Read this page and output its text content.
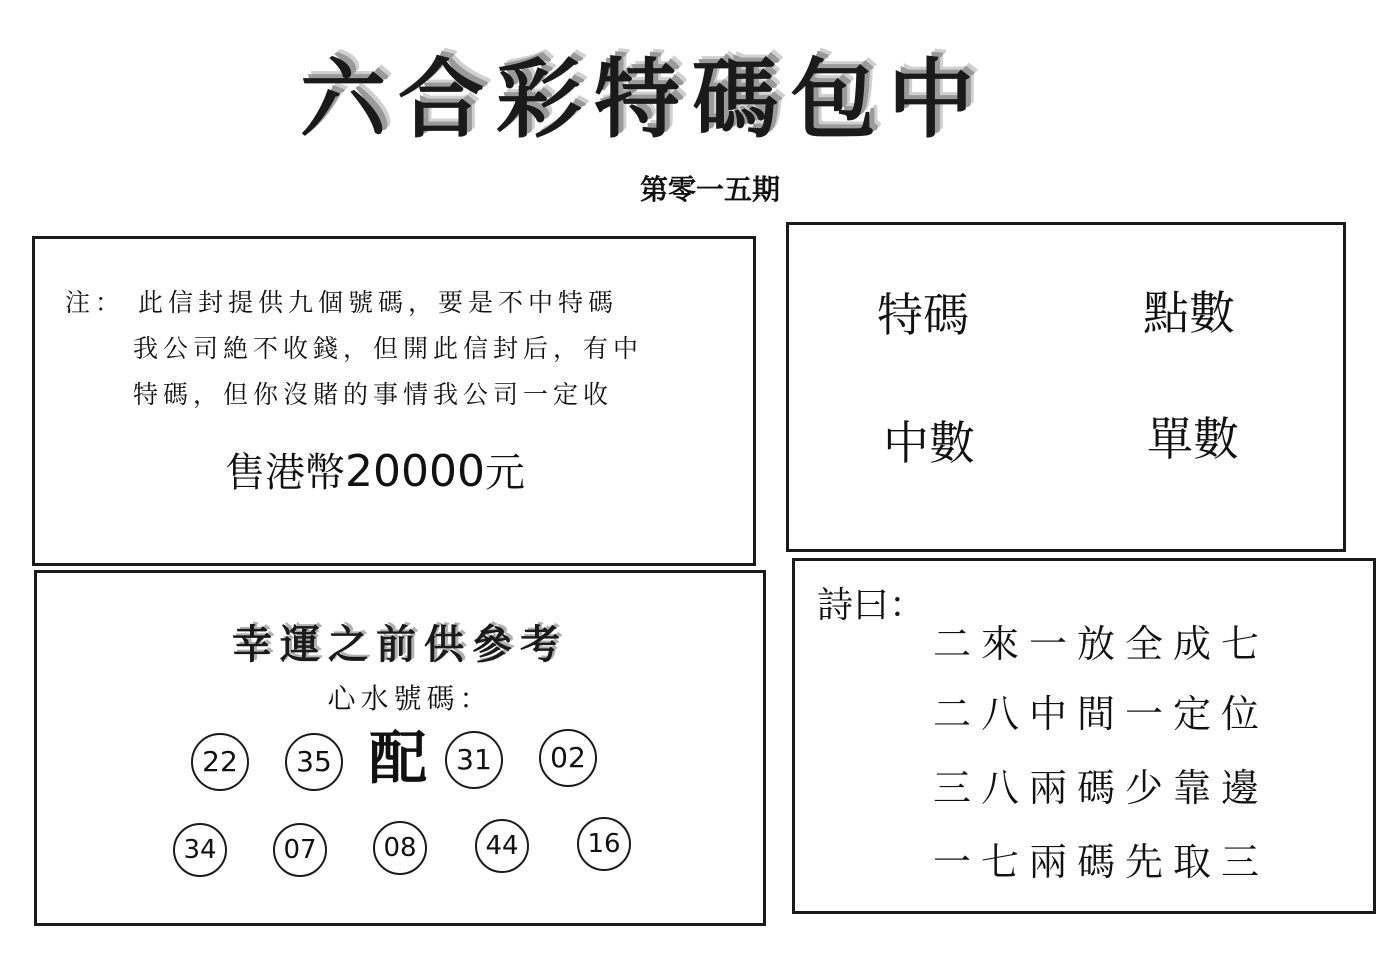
六合彩特碼包中
第零一五期
注： 此信封提供九個號碼，要是不中特碼
我公司絶不收錢，但開此信封后，有中
特碼，但你沒賭的事情我公司一定收
售港幣20000元
特碼	點數
中數	單數
幸運之前供參考
心水號碼：
22	35 配	31	02
34	07	08	44	16
詩曰：
二來一放全成七
二八中間一定位
三八兩碼少靠邊
一七兩碼先取三
